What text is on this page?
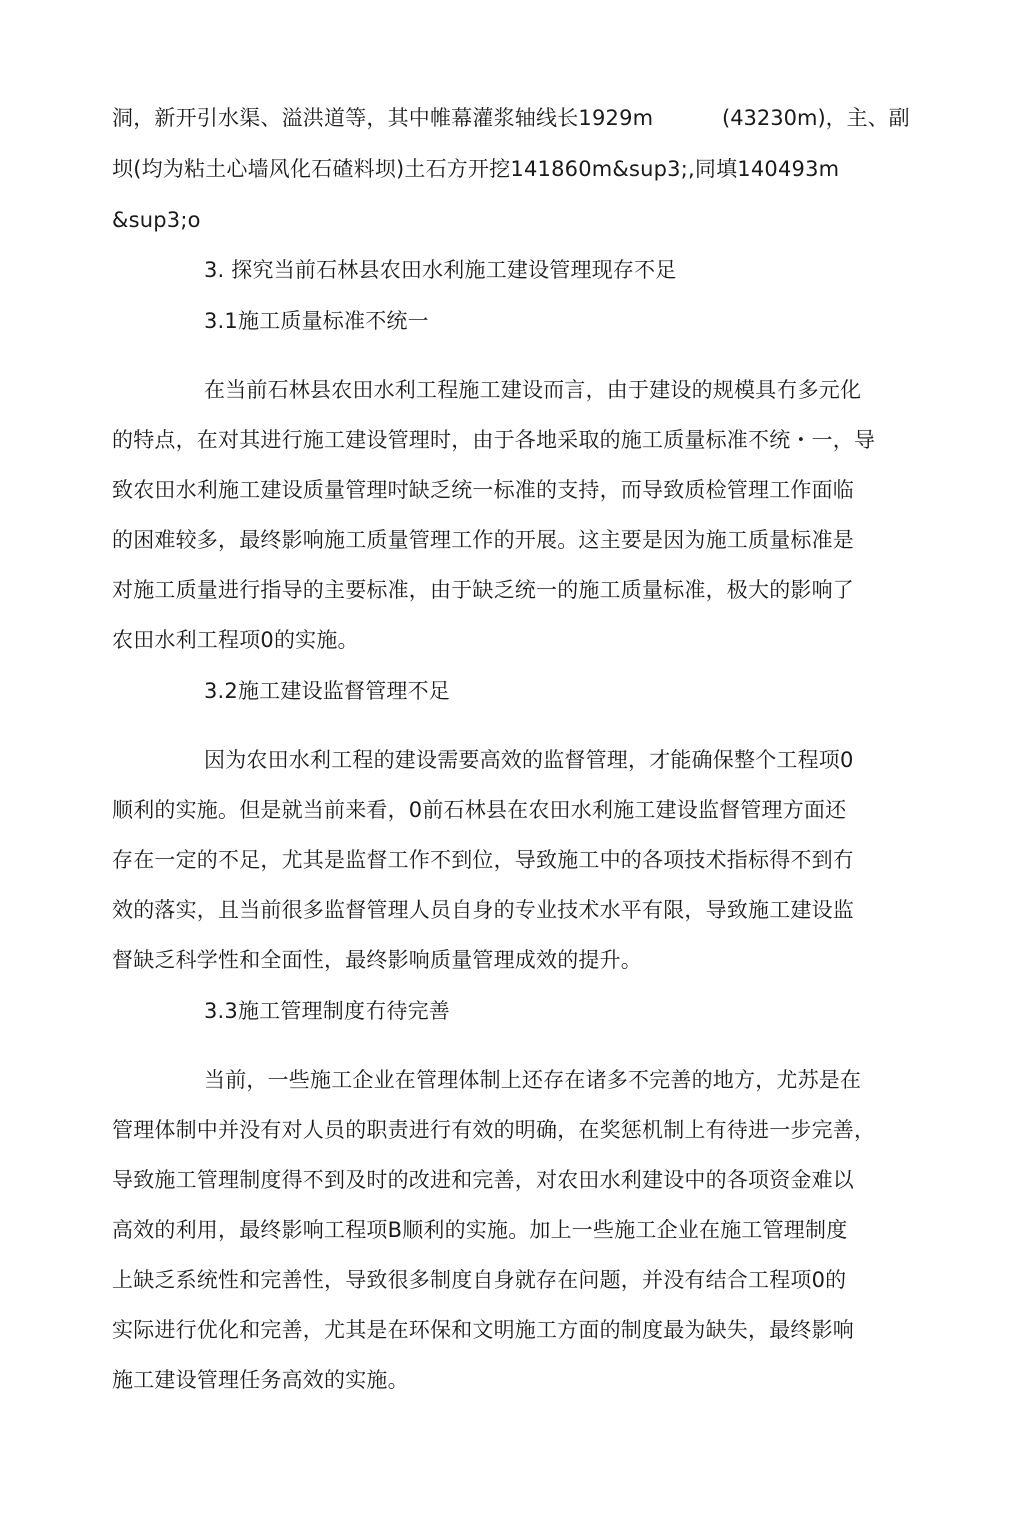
洞，新开引水渠、溢洪道等，其中帷幕灌浆轴线长1929m	(43230m)，主、副
坝(均为粘土心墙风化石碴料坝)土石方开挖141860m&sup3;,同填140493m
&sup3;o
3. 探究当前石林县农田水利施工建设管理现存不足
3.1施工质量标准不统一
在当前石林县农田水利工程施工建设而言，由于建设的规模具冇多元化
的特点，在对其进行施工建设管理时，由于各地采取的施工质量标准不统・一，导
致农田水利施工建设质量管理吋缺乏统一标准的支持，而导致质检管理工作面临
的困难较多，最终影响施工质量管理工作的开展。这主要是因为施工质量标准是
对施工质量进行指导的主要标准，由于缺乏统一的施工质量标准，极大的影响了
农田水利工程项0的实施。
3.2施工建设监督管理不足
因为农田水利工程的建设需要高效的监督管理，才能确保整个工程项0
顺利的实施。但是就当前来看，0前石林县在农田水利施工建设监督管理方面还
存在一定的不足，尤其是监督工作不到位，导致施工中的各项技术指标得不到冇
效的落实，且当前很多监督管理人员自身的专业技术水平有限，导致施工建设监
督缺乏科学性和全面性，最终影响质量管理成效的提升。
3.3施工管理制度冇待完善
当前，一些施工企业在管理体制上还存在诸多不完善的地方，尤苏是在
管理体制中并没有对人员的职责进行有效的明确，在奖惩机制上有待进一步完善，
导致施工管理制度得不到及时的改进和完善，对农田水利建设中的各项资金难以
高效的利用，最终影响工程项B顺利的实施。加上一些施工企业在施工管理制度
上缺乏系统性和完善性，导致很多制度自身就存在问题，并没有结合工程项0的
实际进行优化和完善，尤其是在环保和文明施工方面的制度最为缺失，最终影响
施工建设管理任务高效的实施。
